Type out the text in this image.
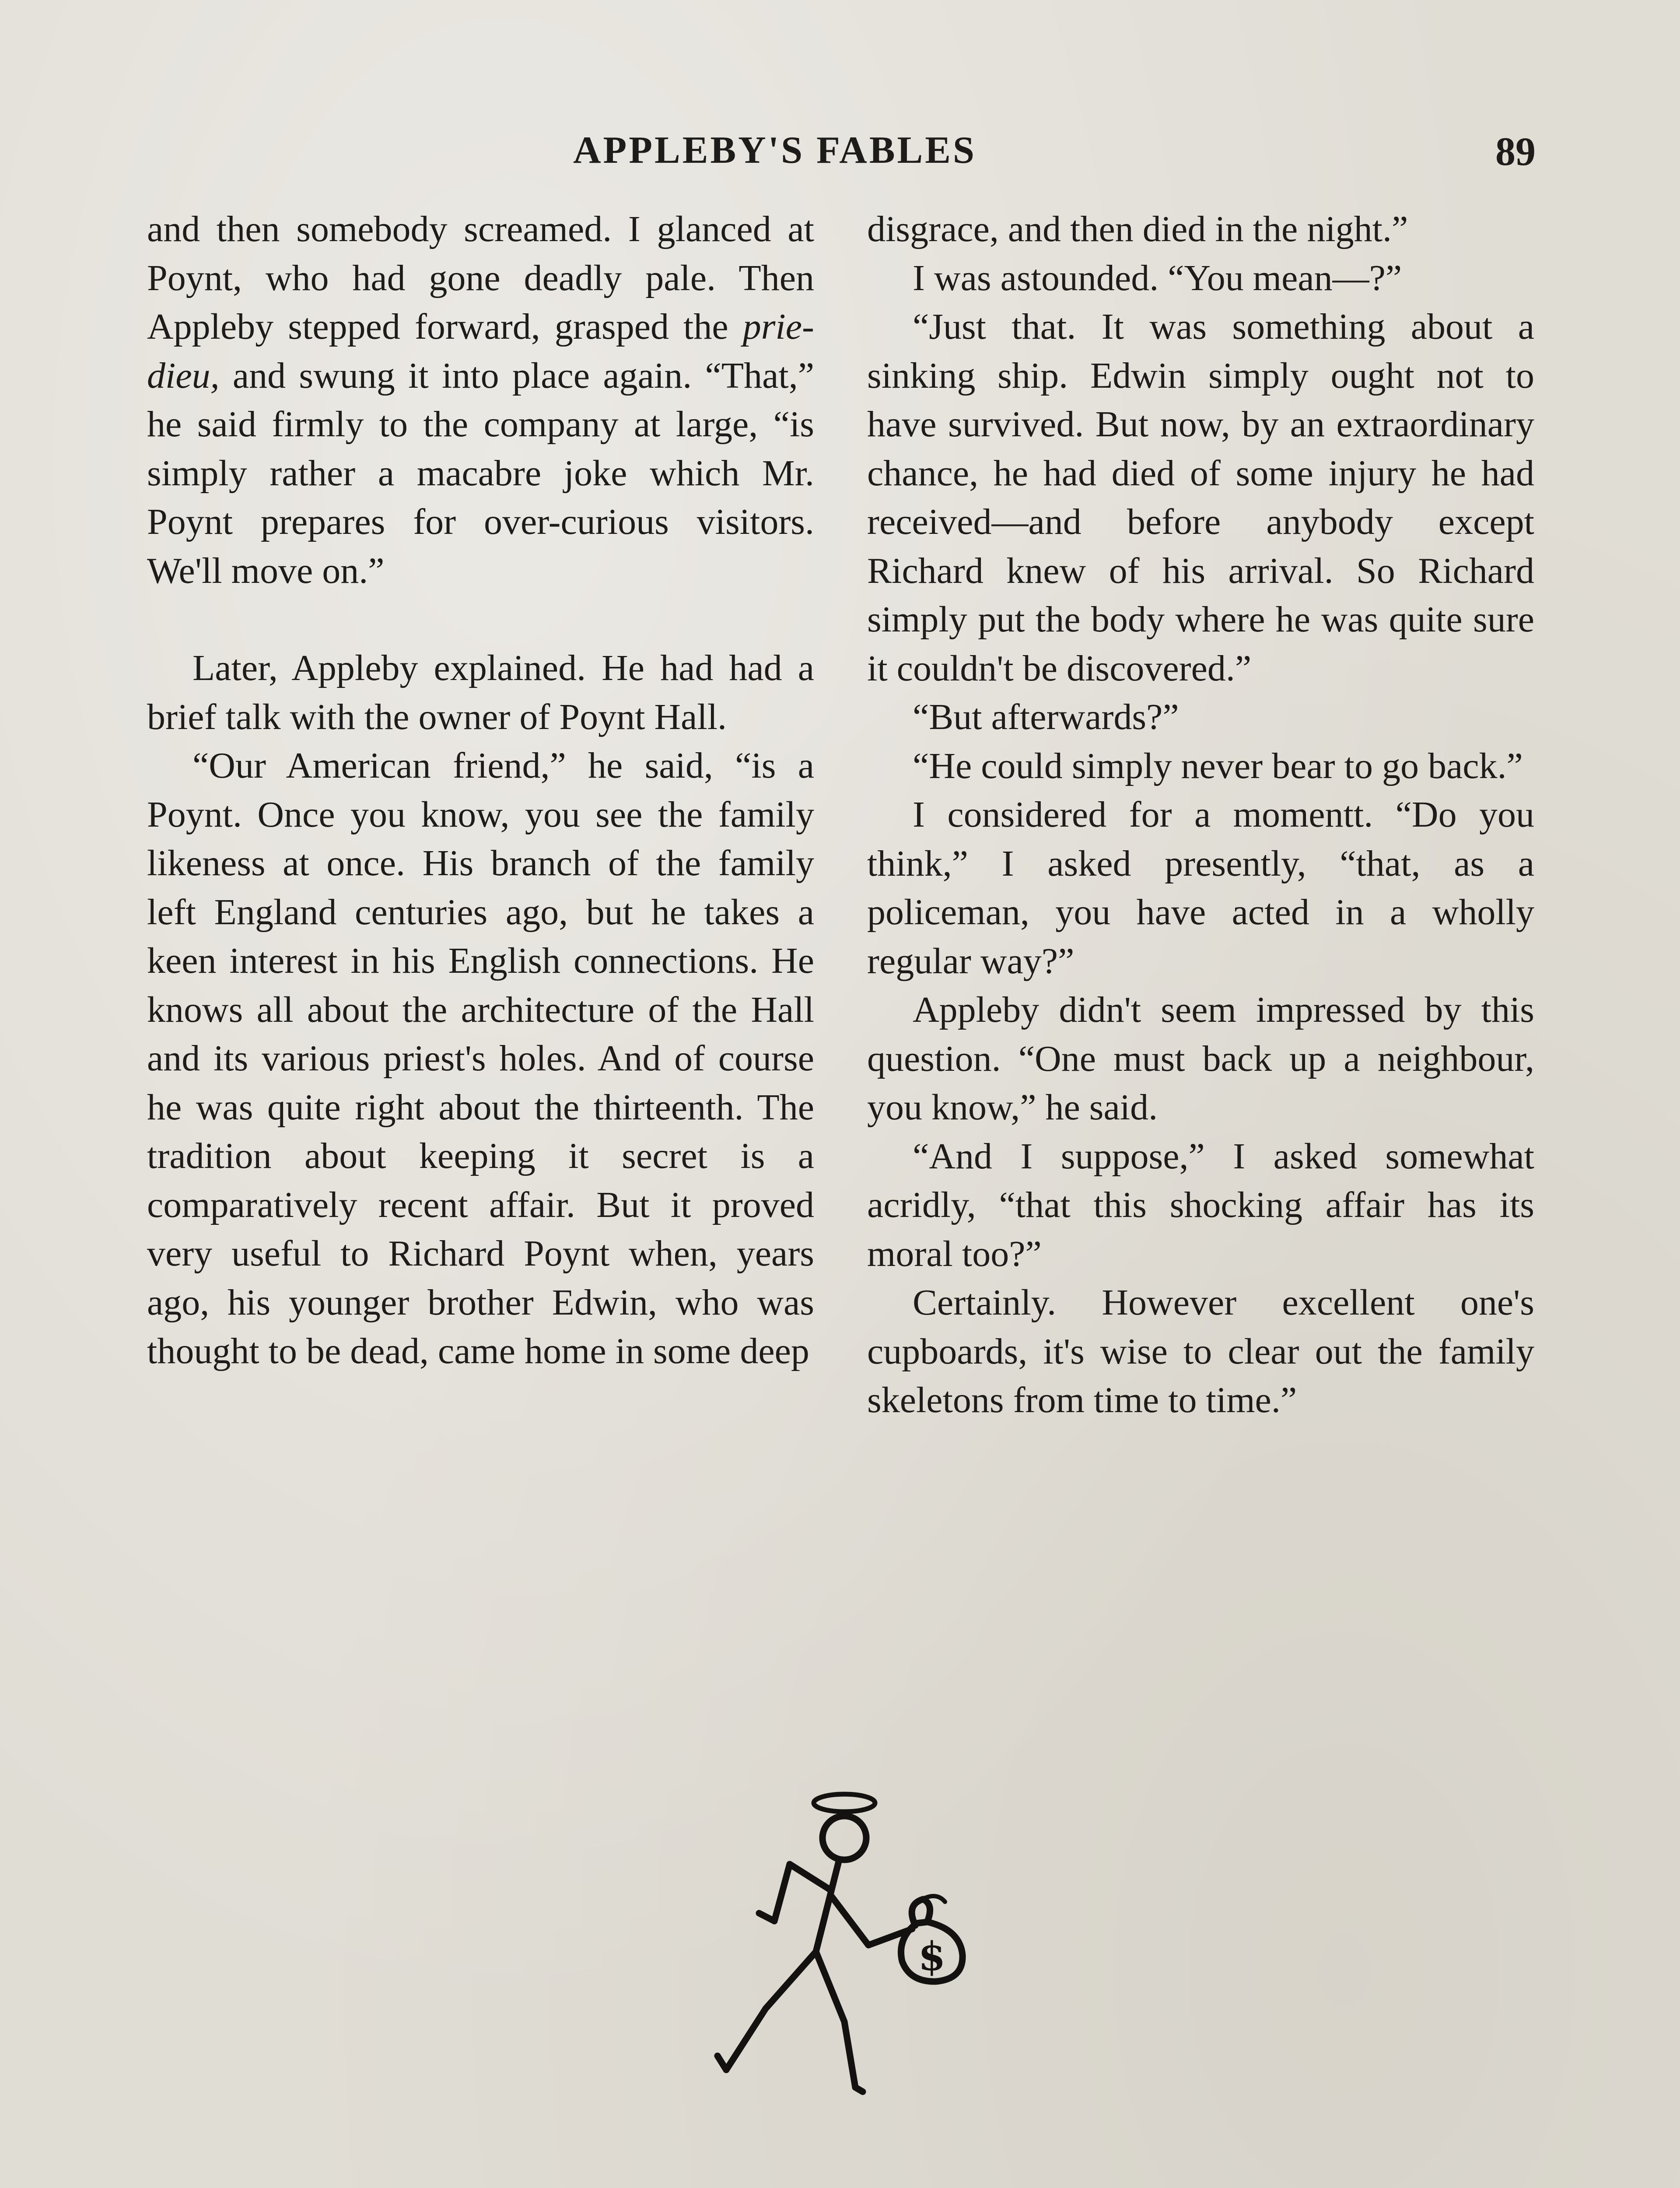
APPLEBY'S FABLES	89

and then somebody screamed. I glanced at Poynt, who had gone deadly pale. Then Appleby stepped forward, grasped the prie-dieu, and swung it into place again. “That,” he said firmly to the company at large, “is simply rather a macabre joke which Mr. Poynt prepares for over-curious visitors. We'll move on.”

Later, Appleby explained. He had had a brief talk with the owner of Poynt Hall.

“Our American friend,” he said, “is a Poynt. Once you know, you see the family likeness at once. His branch of the family left England centuries ago, but he takes a keen interest in his English connections. He knows all about the architecture of the Hall and its various priest's holes. And of course he was quite right about the thirteenth. The tradition about keeping it secret is a comparatively recent affair. But it proved very useful to Richard Poynt when, years ago, his younger brother Edwin, who was thought to be dead, came home in some deep

disgrace, and then died in the night.”

I was astounded. “You mean—?”

“Just that. It was something about a sinking ship. Edwin simply ought not to have survived. But now, by an extraordinary chance, he had died of some injury he had received—and before anybody except Richard knew of his arrival. So Richard simply put the body where he was quite sure it couldn't be discovered.”

“But afterwards?”

“He could simply never bear to go back.”

I considered for a momentt. “Do you think,” I asked presently, “that, as a policeman, you have acted in a wholly regular way?”

Appleby didn't seem impressed by this question. “One must back up a neighbour, you know,” he said.

“And I suppose,” I asked somewhat acridly, “that this shocking affair has its moral too?”

Certainly. However excellent one's cupboards, it's wise to clear out the family skeletons from time to time.”

$
